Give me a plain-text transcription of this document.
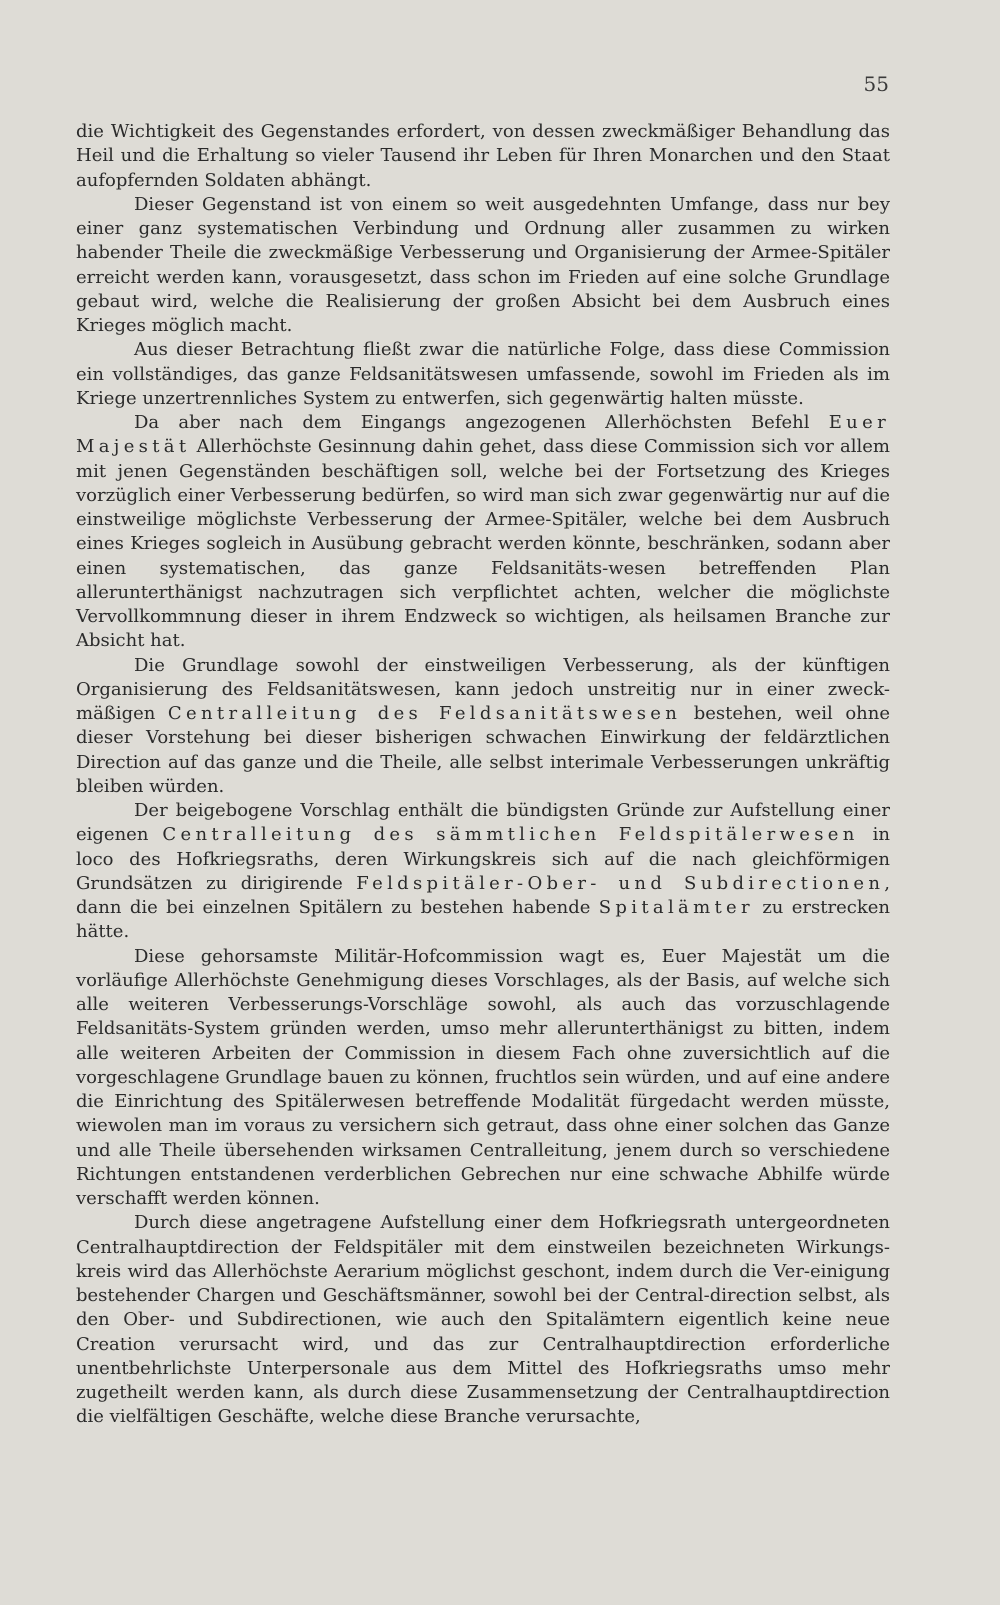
55

die Wichtigkeit des Gegenstandes erfordert, von dessen zweckmäßiger Behandlung das Heil und die Erhaltung so vieler Tausend ihr Leben für Ihren Monarchen und den Staat aufopfernden Soldaten abhängt.

Dieser Gegenstand ist von einem so weit ausgedehnten Umfange, dass nur bey einer ganz systematischen Verbindung und Ordnung aller zusammen zu wirken habender Theile die zweckmäßige Verbesserung und Organisierung der Armee-Spitäler erreicht werden kann, vorausgesetzt, dass schon im Frieden auf eine solche Grundlage gebaut wird, welche die Realisierung der großen Absicht bei dem Ausbruch eines Krieges möglich macht.

Aus dieser Betrachtung fließt zwar die natürliche Folge, dass diese Commission ein vollständiges, das ganze Feldsanitätswesen umfassende, sowohl im Frieden als im Kriege unzertrennliches System zu entwerfen, sich gegenwärtig halten müsste.

Da aber nach dem Eingangs angezogenen Allerhöchsten Befehl Euer Majestät Allerhöchste Gesinnung dahin gehet, dass diese Commission sich vor allem mit jenen Gegenständen beschäftigen soll, welche bei der Fortsetzung des Krieges vorzüglich einer Verbesserung bedürfen, so wird man sich zwar gegenwärtig nur auf die einstweilige möglichste Verbesserung der Armee-Spitäler, welche bei dem Ausbruch eines Krieges sogleich in Ausübung gebracht werden könnte, beschränken, sodann aber einen systematischen, das ganze Feldsanitäts-wesen betreffenden Plan allerunterthänigst nachzutragen sich verpflichtet achten, welcher die möglichste Vervollkommnung dieser in ihrem Endzweck so wichtigen, als heilsamen Branche zur Absicht hat.

Die Grundlage sowohl der einstweiligen Verbesserung, als der künftigen Organisierung des Feldsanitätswesen, kann jedoch unstreitig nur in einer zweck-mäßigen Centralleitung des Feldsanitätswesen bestehen, weil ohne dieser Vorstehung bei dieser bisherigen schwachen Einwirkung der feldärztlichen Direction auf das ganze und die Theile, alle selbst interimale Verbesserungen unkräftig bleiben würden.

Der beigebogene Vorschlag enthält die bündigsten Gründe zur Aufstellung einer eigenen Centralleitung des sämmtlichen Feldspitälerwesen in loco des Hofkriegsraths, deren Wirkungskreis sich auf die nach gleichförmigen Grundsätzen zu dirigirende Feldspitäler-Ober- und Subdirectionen, dann die bei einzelnen Spitälern zu bestehen habende Spitalämter zu erstrecken hätte.

Diese gehorsamste Militär-Hofcommission wagt es, Euer Majestät um die vorläufige Allerhöchste Genehmigung dieses Vorschlages, als der Basis, auf welche sich alle weiteren Verbesserungs-Vorschläge sowohl, als auch das vorzuschlagende Feldsanitäts-System gründen werden, umso mehr allerunterthänigst zu bitten, indem alle weiteren Arbeiten der Commission in diesem Fach ohne zuversichtlich auf die vorgeschlagene Grundlage bauen zu können, fruchtlos sein würden, und auf eine andere die Einrichtung des Spitälerwesen betreffende Modalität fürgedacht werden müsste, wiewolen man im voraus zu versichern sich getraut, dass ohne einer solchen das Ganze und alle Theile übersehenden wirksamen Centralleitung, jenem durch so verschiedene Richtungen entstandenen verderblichen Gebrechen nur eine schwache Abhilfe würde verschafft werden können.

Durch diese angetragene Aufstellung einer dem Hofkriegsrath untergeordneten Centralhauptdirection der Feldspitäler mit dem einstweilen bezeichneten Wirkungs-kreis wird das Allerhöchste Aerarium möglichst geschont, indem durch die Ver-einigung bestehender Chargen und Geschäftsmänner, sowohl bei der Central-direction selbst, als den Ober- und Subdirectionen, wie auch den Spitalämtern eigentlich keine neue Creation verursacht wird, und das zur Centralhauptdirection erforderliche unentbehrlichste Unterpersonale aus dem Mittel des Hofkriegsraths umso mehr zugetheilt werden kann, als durch diese Zusammensetzung der Centralhauptdirection die vielfältigen Geschäfte, welche diese Branche verursachte,
